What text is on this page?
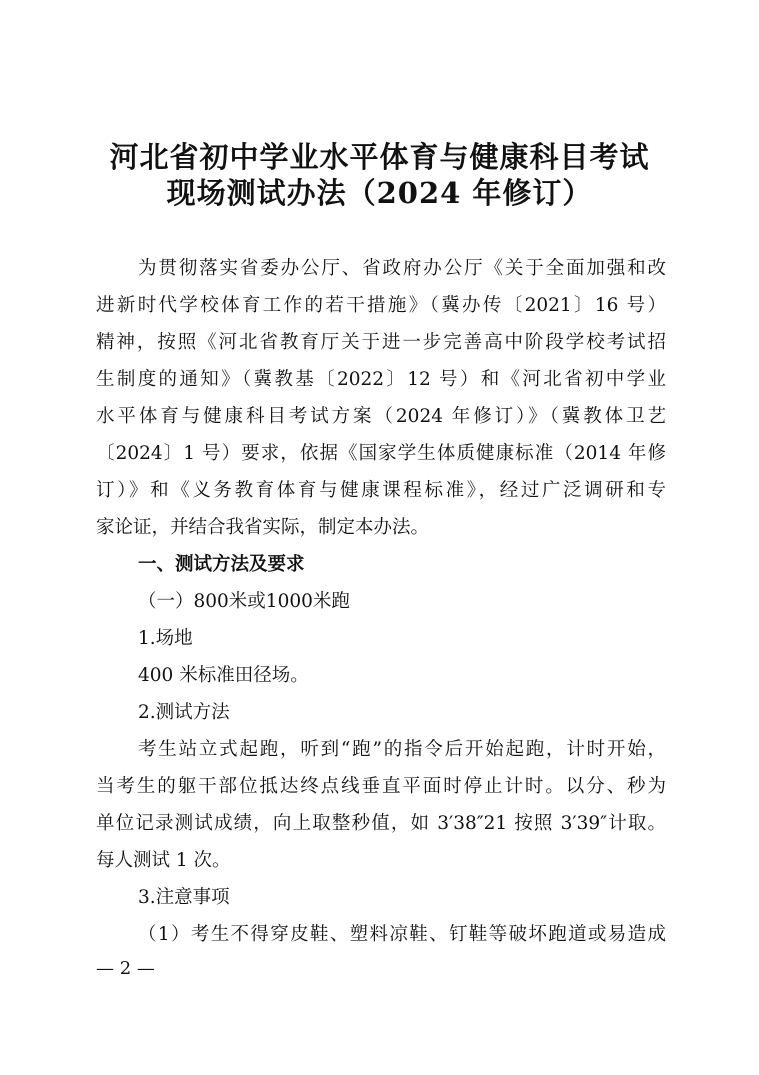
河北省初中学业水平体育与健康科目考试
现场测试办法（2024 年修订）
为贯彻落实省委办公厅、省政府办公厅《关于全面加强和改
进新时代学校体育工作的若干措施》（冀办传〔2021〕16 号）
精神，按照《河北省教育厅关于进一步完善高中阶段学校考试招
生制度的通知》（冀教基〔2022〕12 号）和《河北省初中学业
水平体育与健康科目考试方案（2024 年修订）》（冀教体卫艺
〔2024〕1 号）要求，依据《国家学生体质健康标准（2014 年修
订）》和《义务教育体育与健康课程标准》，经过广泛调研和专
家论证，并结合我省实际，制定本办法。
一、测试方法及要求
（一）800米或1000米跑
1.场地
400 米标准田径场。
2.测试方法
考生站立式起跑，听到“跑”的指令后开始起跑，计时开始，
当考生的躯干部位抵达终点线垂直平面时停止计时。以分、秒为
单位记录测试成绩，向上取整秒值，如 3′38″21 按照 3′39″计取。
每人测试 1 次。
3.注意事项
（1）考生不得穿皮鞋、塑料凉鞋、钉鞋等破坏跑道或易造成
— 2 —
